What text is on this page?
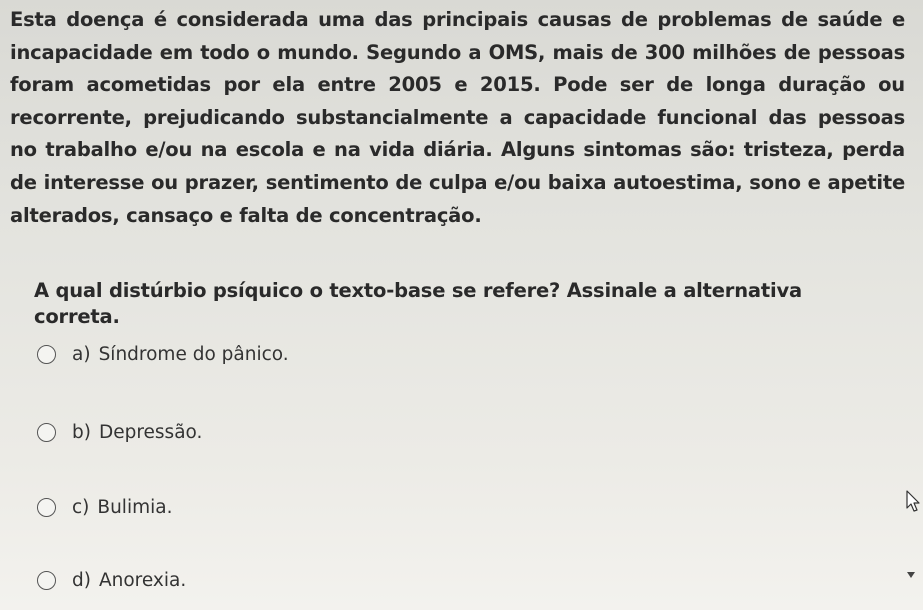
Esta doença é considerada uma das principais causas de problemas de saúde e incapacidade em todo o mundo. Segundo a OMS, mais de 300 milhões de pessoas foram acometidas por ela entre 2005 e 2015. Pode ser de longa duração ou recorrente, prejudicando substancialmente a capacidade funcional das pessoas no trabalho e/ou na escola e na vida diária. Alguns sintomas são: tristeza, perda de interesse ou prazer, sentimento de culpa e/ou baixa autoestima, sono e apetite alterados, cansaço e falta de concentração.
A qual distúrbio psíquico o texto-base se refere? Assinale a alternativa correta.
a) Síndrome do pânico.
b) Depressão.
c) Bulimia.
d) Anorexia.
